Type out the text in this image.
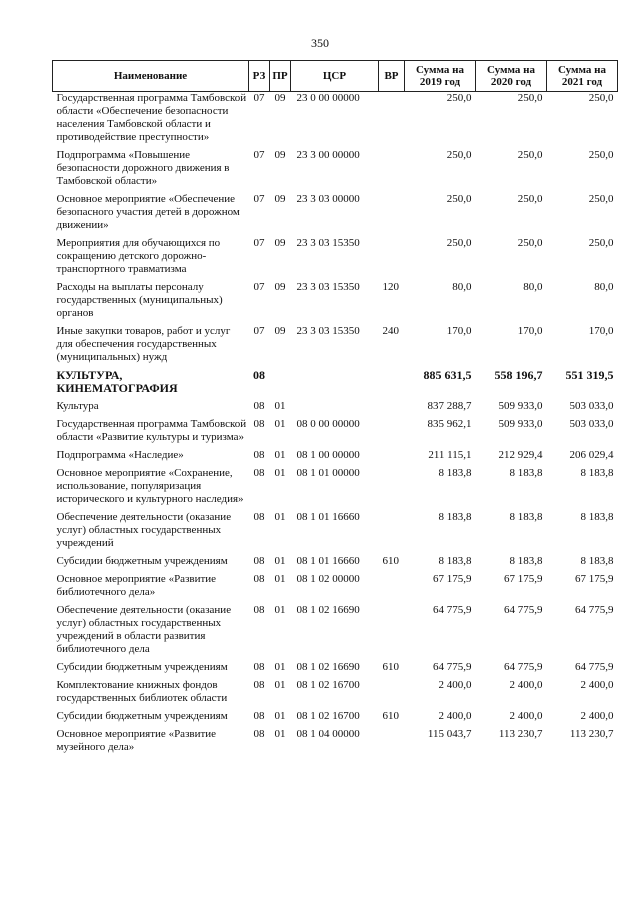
350
Наименование	РЗ	ПР	ЦСР	ВР	Сумма на 2019 год	Сумма на 2020 год	Сумма на 2021 год
Государственная программа Тамбовской области «Обеспечение безопасности населения Тамбовской области и противодействие преступности»	07	09	23 0 00 00000		250,0	250,0	250,0
Подпрограмма «Повышение безопасности дорожного движения в Тамбовской области»	07	09	23 3 00 00000		250,0	250,0	250,0
Основное мероприятие «Обеспечение безопасного участия детей в дорожном движении»	07	09	23 3 03 00000		250,0	250,0	250,0
Мероприятия для обучающихся по сокращению детского дорожно-транспортного травматизма	07	09	23 3 03 15350		250,0	250,0	250,0
Расходы на выплаты персоналу государственных (муниципальных) органов	07	09	23 3 03 15350	120	80,0	80,0	80,0
Иные закупки товаров, работ и услуг для обеспечения государственных (муниципальных) нужд	07	09	23 3 03 15350	240	170,0	170,0	170,0
КУЛЬТУРА, КИНЕМАТОГРАФИЯ	08				885 631,5	558 196,7	551 319,5
Культура	08	01			837 288,7	509 933,0	503 033,0
Государственная программа Тамбовской области «Развитие культуры и туризма»	08	01	08 0 00 00000		835 962,1	509 933,0	503 033,0
Подпрограмма «Наследие»	08	01	08 1 00 00000		211 115,1	212 929,4	206 029,4
Основное мероприятие «Сохранение, использование, популяризация исторического и культурного наследия»	08	01	08 1 01 00000		8 183,8	8 183,8	8 183,8
Обеспечение деятельности (оказание услуг) областных государственных учреждений	08	01	08 1 01 16660		8 183,8	8 183,8	8 183,8
Субсидии бюджетным учреждениям	08	01	08 1 01 16660	610	8 183,8	8 183,8	8 183,8
Основное мероприятие «Развитие библиотечного дела»	08	01	08 1 02 00000		67 175,9	67 175,9	67 175,9
Обеспечение деятельности (оказание услуг) областных государственных учреждений в области развития библиотечного дела	08	01	08 1 02 16690		64 775,9	64 775,9	64 775,9
Субсидии бюджетным учреждениям	08	01	08 1 02 16690	610	64 775,9	64 775,9	64 775,9
Комплектование книжных фондов государственных библиотек области	08	01	08 1 02 16700		2 400,0	2 400,0	2 400,0
Субсидии бюджетным учреждениям	08	01	08 1 02 16700	610	2 400,0	2 400,0	2 400,0
Основное мероприятие «Развитие музейного дела»	08	01	08 1 04 00000		115 043,7	113 230,7	113 230,7
